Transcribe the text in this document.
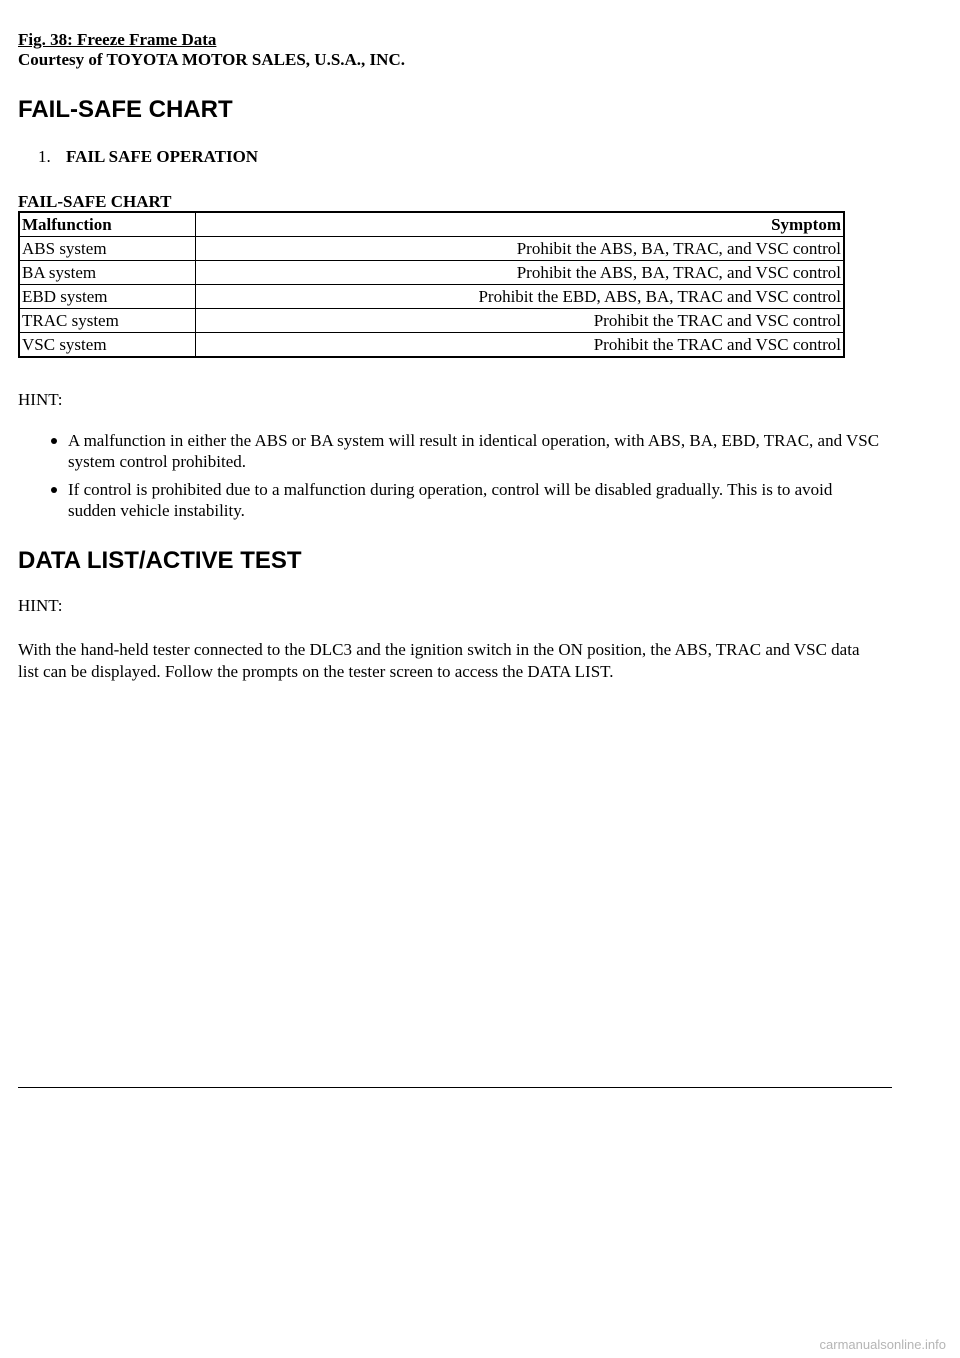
Fig. 38: Freeze Frame Data
Courtesy of TOYOTA MOTOR SALES, U.S.A., INC.
FAIL-SAFE CHART
1. FAIL SAFE OPERATION
FAIL-SAFE CHART
Malfunction	Symptom
ABS system	Prohibit the ABS, BA, TRAC, and VSC control
BA system	Prohibit the ABS, BA, TRAC, and VSC control
EBD system	Prohibit the EBD, ABS, BA, TRAC and VSC control
TRAC system	Prohibit the TRAC and VSC control
VSC system	Prohibit the TRAC and VSC control
HINT:
A malfunction in either the ABS or BA system will result in identical operation, with ABS, BA, EBD, TRAC, and VSC system control prohibited.
If control is prohibited due to a malfunction during operation, control will be disabled gradually. This is to avoid sudden vehicle instability.
DATA LIST/ACTIVE TEST
HINT:
With the hand-held tester connected to the DLC3 and the ignition switch in the ON position, the ABS, TRAC and VSC data list can be displayed. Follow the prompts on the tester screen to access the DATA LIST.
carmanualsonline.info
